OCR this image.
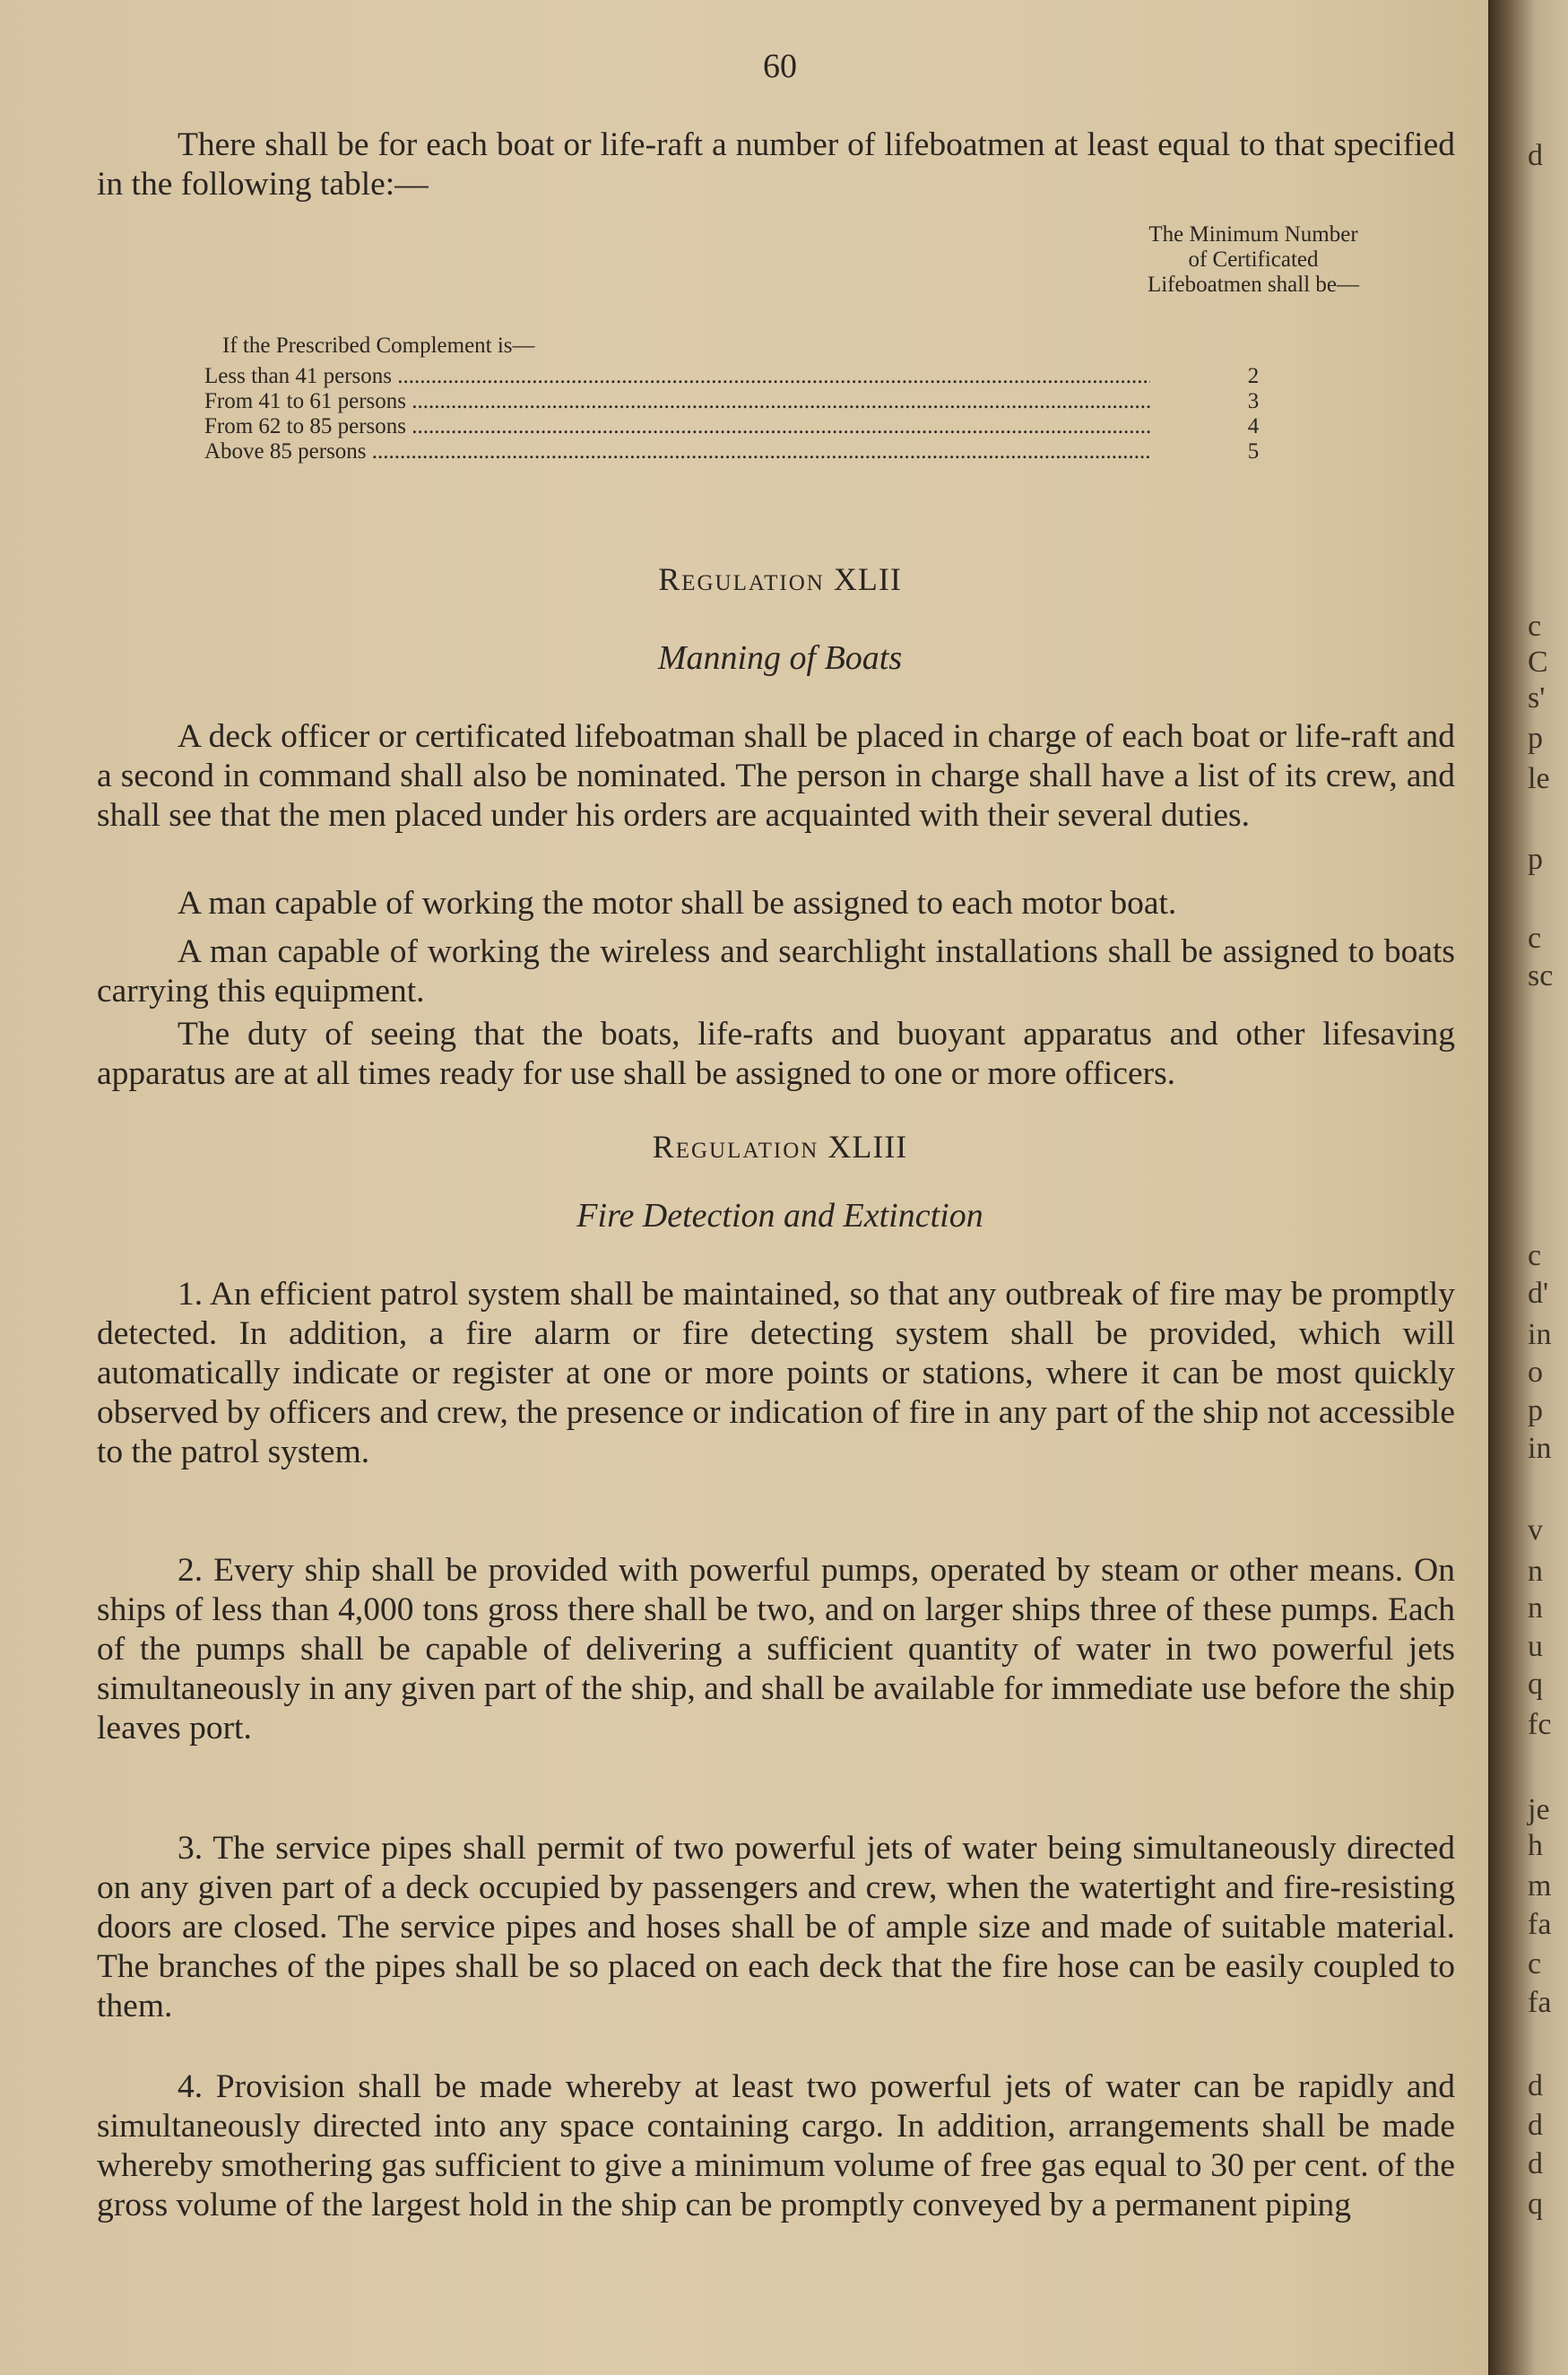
60

There shall be for each boat or life-raft a number of lifeboatmen at least equal to that specified in the following table:—

The Minimum Number of Certificated Lifeboatmen shall be—
If the Prescribed Complement is—
Less than 41 persons .....	2
From 41 to 61 persons .....	3
From 62 to 85 persons .....	4
Above 85 persons .....	5
Regulation XLII
Manning of Boats

A deck officer or certificated lifeboatman shall be placed in charge of each boat or life-raft and a second in command shall also be nominated. The person in charge shall have a list of its crew, and shall see that the men placed under his orders are acquainted with their several duties.

A man capable of working the motor shall be assigned to each motor boat.

A man capable of working the wireless and searchlight installations shall be assigned to boats carrying this equipment.

The duty of seeing that the boats, life-rafts and buoyant apparatus and other lifesaving apparatus are at all times ready for use shall be assigned to one or more officers.

Regulation XLIII
Fire Detection and Extinction

1. An efficient patrol system shall be maintained, so that any outbreak of fire may be promptly detected. In addition, a fire alarm or fire detecting system shall be provided, which will automatically indicate or register at one or more points or stations, where it can be most quickly observed by officers and crew, the presence or indication of fire in any part of the ship not accessible to the patrol system.

2. Every ship shall be provided with powerful pumps, operated by steam or other means. On ships of less than 4,000 tons gross there shall be two, and on larger ships three of these pumps. Each of the pumps shall be capable of delivering a sufficient quantity of water in two powerful jets simultaneously in any given part of the ship, and shall be available for immediate use before the ship leaves port.

3. The service pipes shall permit of two powerful jets of water being simultaneously directed on any given part of a deck occupied by passengers and crew, when the watertight and fire-resisting doors are closed. The service pipes and hoses shall be of ample size and made of suitable material. The branches of the pipes shall be so placed on each deck that the fire hose can be easily coupled to them.

4. Provision shall be made whereby at least two powerful jets of water can be rapidly and simultaneously directed into any space containing cargo. In addition, arrangements shall be made whereby smothering gas sufficient to give a minimum volume of free gas equal to 30 per cent. of the gross volume of the largest hold in the ship can be promptly conveyed by a permanent piping

d
c
C
s'
p
le
p
c
sc
c
d'
in
o
p
in
v
n
n
u
q
fc
je
h
m
fa
c
fa
d
d
d
q
